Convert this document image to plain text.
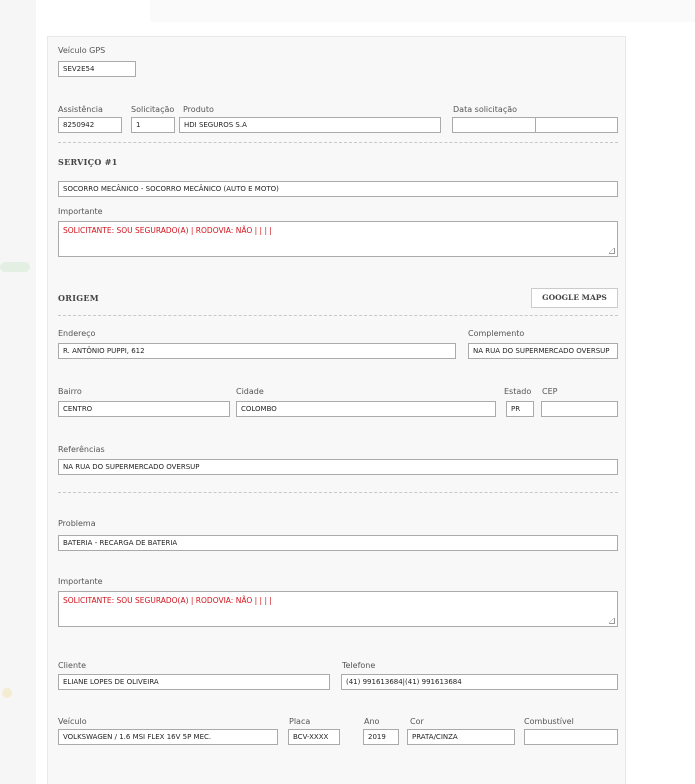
Veículo GPS
SEV2E54
Assistência
8250942
Solicitação
1
Produto
HDI SEGUROS S.A
Data solicitação
SERVIÇO #1
SOCORRO MECÂNICO - SOCORRO MECÂNICO (AUTO E MOTO)
Importante
SOLICITANTE: SOU SEGURADO(A) | RODOVIA: NÃO | | | |
ORIGEM	GOOGLE MAPS
Endereço
R. ANTÔNIO PUPPI, 612
Complemento
NA RUA DO SUPERMERCADO OVERSUP
Bairro
CENTRO
Cidade
COLOMBO
Estado
PR
CEP
Referências
NA RUA DO SUPERMERCADO OVERSUP
Problema
BATERIA - RECARGA DE BATERIA
Importante
SOLICITANTE: SOU SEGURADO(A) | RODOVIA: NÃO | | | |
Cliente
ELIANE LOPES DE OLIVEIRA
Telefone
(41) 991613684|(41) 991613684
Veículo
VOLKSWAGEN / 1.6 MSI FLEX 16V 5P MEC.
Placa
BCV-XXXX
Ano
2019
Cor
PRATA/CINZA
Combustível
